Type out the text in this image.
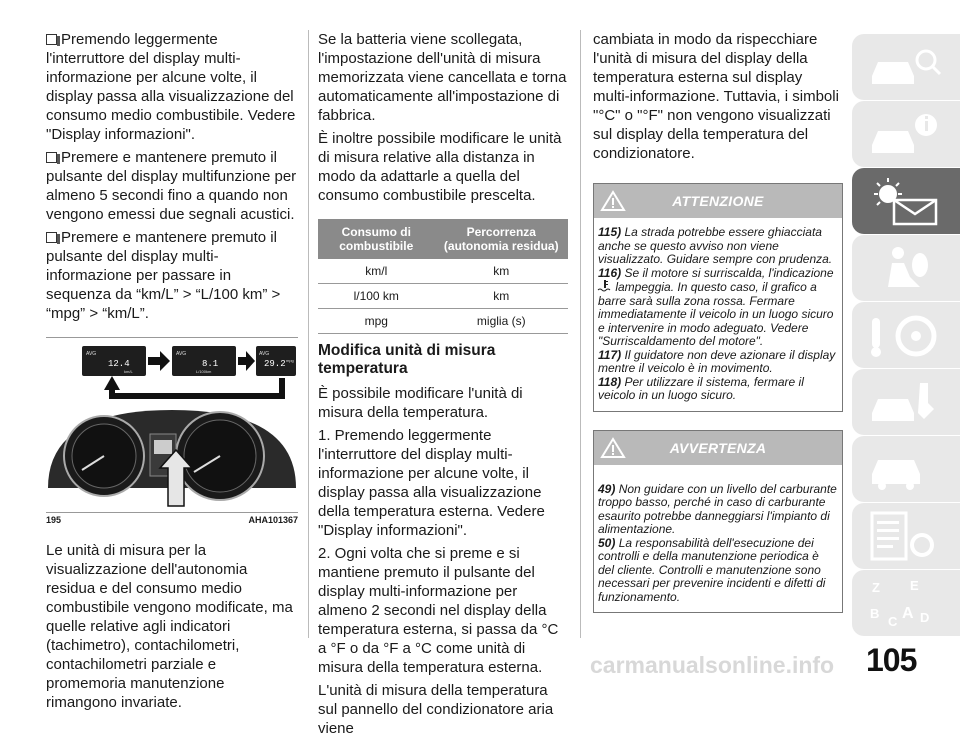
Premendo leggermente l'interruttore del display multi-informazione per alcune volte, il display passa alla visualizzazione del consumo medio combustibile. Vedere "Display informazioni".

Premere e mantenere premuto il pulsante del display multifunzione per almeno 5 secondi fino a quando non vengono emessi due segnali acustici.

Premere e mantenere premuto il pulsante del display multi-informazione per passare in sequenza da “km/L” > “L/100 km” > “mpg” > “km/L”.

AVG
12.4
km/L
AVG
8.1
L/100km
AVG
29.2 mpg
195	AHA101367

Le unità di misura per la visualizzazione dell'autonomia residua e del consumo medio combustibile vengono modificate, ma quelle relative agli indicatori (tachimetro), contachilometri, contachilometri parziale e promemoria manutenzione rimangono invariate.

Se la batteria viene scollegata, l'impostazione dell'unità di misura memorizzata viene cancellata e torna automaticamente all'impostazione di fabbrica.

È inoltre possibile modificare le unità di misura relative alla distanza in modo da adattarle a quella del consumo combustibile prescelta.

Consumo di combustibile	Percorrenza (autonomia residua)
km/l	km
l/100 km	km
mpg	miglia (s)
Modifica unità di misura temperatura

È possibile modificare l'unità di misura della temperatura.

1. Premendo leggermente l'interruttore del display multi-informazione per alcune volte, il display passa alla visualizzazione della temperatura esterna. Vedere "Display informazioni".

2. Ogni volta che si preme e si mantiene premuto il pulsante del display multi-informazione per almeno 2 secondi nel display della temperatura esterna, si passa da °C a °F o da °F a °C come unità di misura della temperatura esterna.

L'unità di misura della temperatura sul pannello del condizionatore aria viene

cambiata in modo da rispecchiare l'unità di misura del display della temperatura esterna sul display multi-informazione. Tuttavia, i simboli "°C" o "°F" non vengono visualizzati sul display della temperatura del condizionatore.

ATTENZIONE
115) La strada potrebbe essere ghiacciata anche se questo avviso non viene visualizzato. Guidare sempre con prudenza.
116) Se il motore si surriscalda, l'indicazione  lampeggia. In questo caso, il grafico a barre sarà sulla zona rossa. Fermare immediatamente il veicolo in un luogo sicuro e intervenire in modo adeguato. Vedere "Surriscaldamento del motore".
117) Il guidatore non deve azionare il display mentre il veicolo è in movimento.
118) Per utilizzare il sistema, fermare il veicolo in un luogo sicuro.
AVVERTENZA
49) Non guidare con un livello del carburante troppo basso, perché in caso di carburante esaurito potrebbe danneggiarsi l'impianto di alimentazione.
50) La responsabilità dell'esecuzione dei controlli e della manutenzione periodica è del cliente. Controlli e manutenzione sono necessari per prevenire incidenti e difetti di funzionamento.
Z E
B
C A D
carmanualsonline.info 105
